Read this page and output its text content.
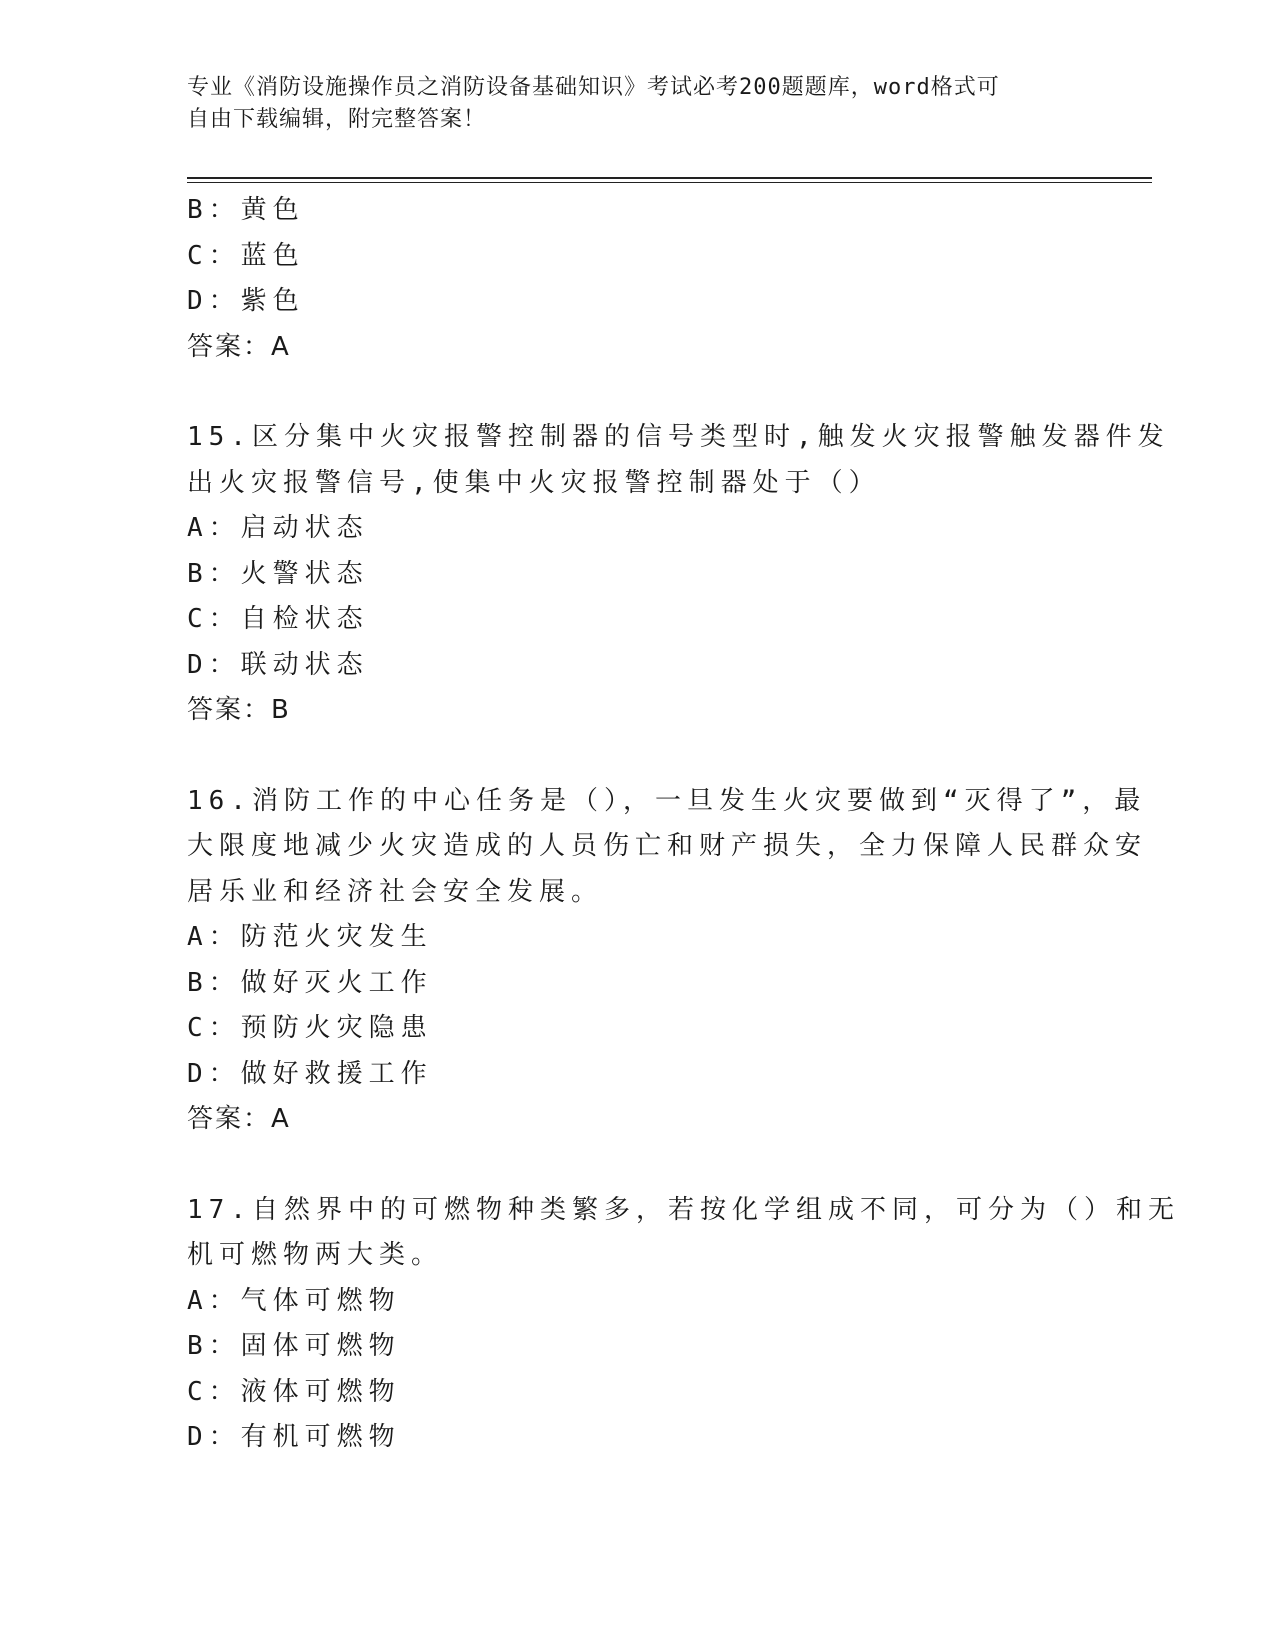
专业《消防设施操作员之消防设备基础知识》考试必考200题题库，word格式可
自由下载编辑，附完整答案！
B：黄色
C：蓝色
D：紫色
答案：A
15.区分集中火灾报警控制器的信号类型时,触发火灾报警触发器件发
出火灾报警信号,使集中火灾报警控制器处于（）
A：启动状态
B：火警状态
C：自检状态
D：联动状态
答案：B
16.消防工作的中心任务是（），一旦发生火灾要做到“灭得了”，最
大限度地减少火灾造成的人员伤亡和财产损失，全力保障人民群众安
居乐业和经济社会安全发展。
A：防范火灾发生
B：做好灭火工作
C：预防火灾隐患
D：做好救援工作
答案：A
17.自然界中的可燃物种类繁多，若按化学组成不同，可分为（）和无
机可燃物两大类。
A：气体可燃物
B：固体可燃物
C：液体可燃物
D：有机可燃物
